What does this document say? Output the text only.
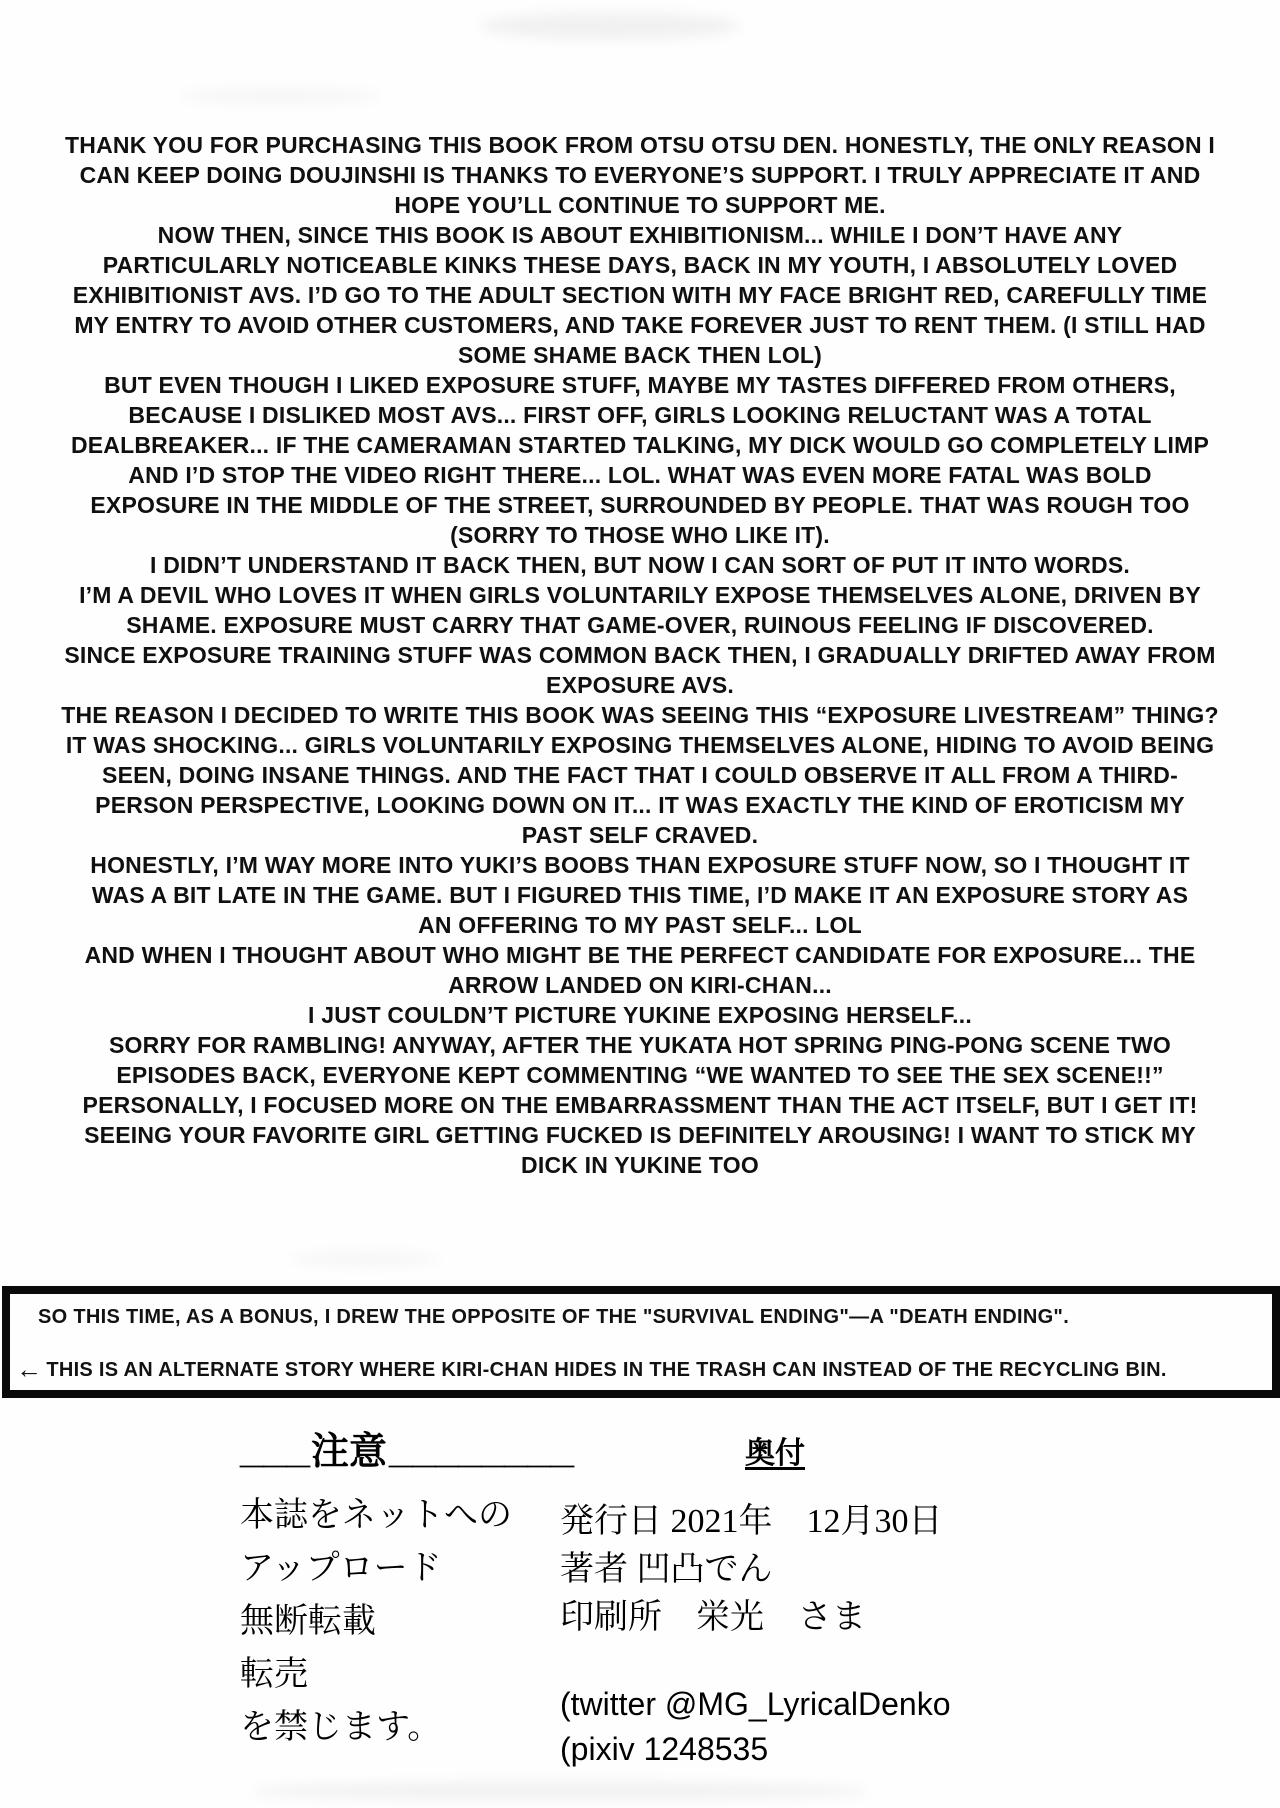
THANK YOU FOR PURCHASING THIS BOOK FROM OTSU OTSU DEN. HONESTLY, THE ONLY REASON I
CAN KEEP DOING DOUJINSHI IS THANKS TO EVERYONE’S SUPPORT. I TRULY APPRECIATE IT AND
HOPE YOU’LL CONTINUE TO SUPPORT ME.
NOW THEN, SINCE THIS BOOK IS ABOUT EXHIBITIONISM... WHILE I DON’T HAVE ANY
PARTICULARLY NOTICEABLE KINKS THESE DAYS, BACK IN MY YOUTH, I ABSOLUTELY LOVED
EXHIBITIONIST AVS. I’D GO TO THE ADULT SECTION WITH MY FACE BRIGHT RED, CAREFULLY TIME
MY ENTRY TO AVOID OTHER CUSTOMERS, AND TAKE FOREVER JUST TO RENT THEM. (I STILL HAD
SOME SHAME BACK THEN LOL)
BUT EVEN THOUGH I LIKED EXPOSURE STUFF, MAYBE MY TASTES DIFFERED FROM OTHERS,
BECAUSE I DISLIKED MOST AVS... FIRST OFF, GIRLS LOOKING RELUCTANT WAS A TOTAL
DEALBREAKER... IF THE CAMERAMAN STARTED TALKING, MY DICK WOULD GO COMPLETELY LIMP
AND I’D STOP THE VIDEO RIGHT THERE... LOL. WHAT WAS EVEN MORE FATAL WAS BOLD
EXPOSURE IN THE MIDDLE OF THE STREET, SURROUNDED BY PEOPLE. THAT WAS ROUGH TOO
(SORRY TO THOSE WHO LIKE IT).
I DIDN’T UNDERSTAND IT BACK THEN, BUT NOW I CAN SORT OF PUT IT INTO WORDS.
I’M A DEVIL WHO LOVES IT WHEN GIRLS VOLUNTARILY EXPOSE THEMSELVES ALONE, DRIVEN BY
SHAME. EXPOSURE MUST CARRY THAT GAME-OVER, RUINOUS FEELING IF DISCOVERED.
SINCE EXPOSURE TRAINING STUFF WAS COMMON BACK THEN, I GRADUALLY DRIFTED AWAY FROM
EXPOSURE AVS.
THE REASON I DECIDED TO WRITE THIS BOOK WAS SEEING THIS “EXPOSURE LIVESTREAM” THING?
IT WAS SHOCKING... GIRLS VOLUNTARILY EXPOSING THEMSELVES ALONE, HIDING TO AVOID BEING
SEEN, DOING INSANE THINGS. AND THE FACT THAT I COULD OBSERVE IT ALL FROM A THIRD-
PERSON PERSPECTIVE, LOOKING DOWN ON IT... IT WAS EXACTLY THE KIND OF EROTICISM MY
PAST SELF CRAVED.
HONESTLY, I’M WAY MORE INTO YUKI’S BOOBS THAN EXPOSURE STUFF NOW, SO I THOUGHT IT
WAS A BIT LATE IN THE GAME. BUT I FIGURED THIS TIME, I’D MAKE IT AN EXPOSURE STORY AS
AN OFFERING TO MY PAST SELF... LOL
AND WHEN I THOUGHT ABOUT WHO MIGHT BE THE PERFECT CANDIDATE FOR EXPOSURE... THE
ARROW LANDED ON KIRI-CHAN...
I JUST COULDN’T PICTURE YUKINE EXPOSING HERSELF...
SORRY FOR RAMBLING! ANYWAY, AFTER THE YUKATA HOT SPRING PING-PONG SCENE TWO
EPISODES BACK, EVERYONE KEPT COMMENTING “WE WANTED TO SEE THE SEX SCENE!!”
PERSONALLY, I FOCUSED MORE ON THE EMBARRASSMENT THAN THE ACT ITSELF, BUT I GET IT!
SEEING YOUR FAVORITE GIRL GETTING FUCKED IS DEFINITELY AROUSING! I WANT TO STICK MY
DICK IN YUKINE TOO
SO THIS TIME, AS A BONUS, I DREW THE OPPOSITE OF THE "SURVIVAL ENDING"—A "DEATH ENDING".
← THIS IS AN ALTERNATE STORY WHERE KIRI-CHAN HIDES IN THE TRASH CAN INSTEAD OF THE RECYCLING BIN.
＿＿＿ 注意 ＿＿＿＿＿＿＿＿
本誌をネットへの
アップロード
無断転載
転売
を禁じます。
奥付
発行日 2021年　12月30日
著者 凹凸でん
印刷所　栄光　さま
(twitter @MG_LyricalDenko
(pixiv 1248535
